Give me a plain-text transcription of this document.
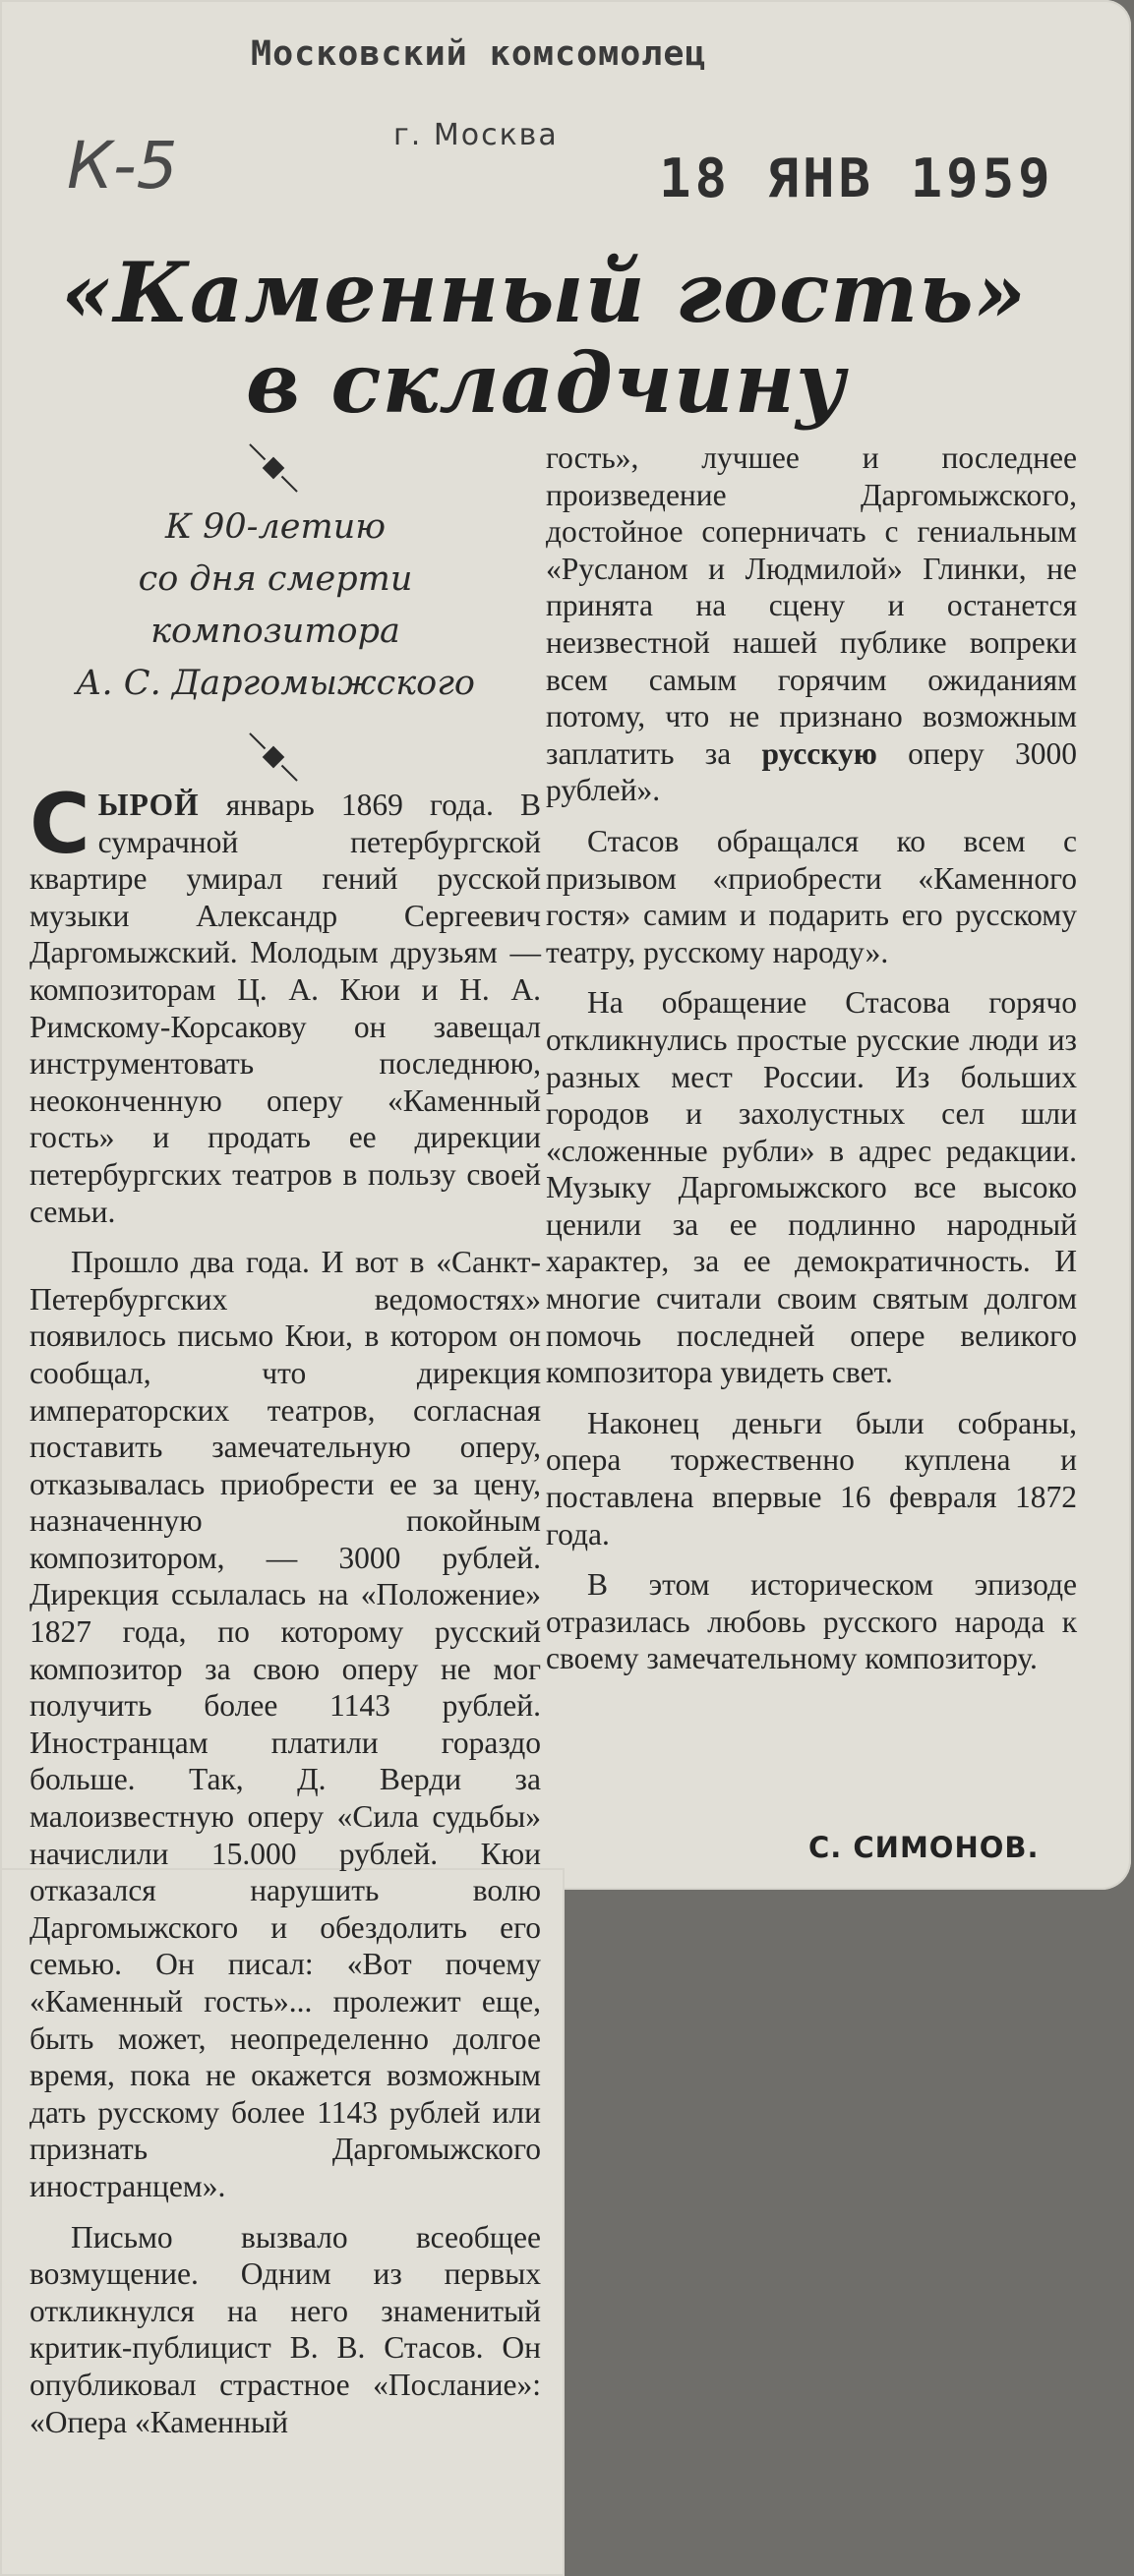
Московский комсомолец
г. Москва
К-5	18 ЯНВ 1959
«Каменный гость»
в складчину
К 90-летию
со дня смерти
композитора
А. С. Даргомыжского

СЫРОЙ январь 1869 года. В сумрачной петербургской квартире умирал гений русской музыки Александр Сергеевич Даргомыжский. Молодым друзьям — композиторам Ц. А. Кюи и Н. А. Римскому-Корсакову он завещал инструментовать последнюю, неоконченную оперу «Каменный гость» и продать ее дирекции петербургских театров в пользу своей семьи.

Прошло два года. И вот в «Санкт-Петербургских ведомостях» появилось письмо Кюи, в котором он сообщал, что дирекция императорских театров, согласная поставить замечательную оперу, отказывалась приобрести ее за цену, назначенную покойным композитором, — 3000 рублей. Дирекция ссылалась на «Положение» 1827 года, по которому русский композитор за свою оперу не мог получить более 1143 рублей. Иностранцам платили гораздо больше. Так, Д. Верди за малоизвестную оперу «Сила судьбы» начислили 15.000 рублей. Кюи отказался нарушить волю Даргомыжского и обездолить его семью. Он писал: «Вот почему «Каменный гость»... пролежит еще, быть может, неопределенно долгое время, пока не окажется возможным дать русскому более 1143 рублей или признать Даргомыжского иностранцем».

Письмо вызвало всеобщее возмущение. Одним из первых откликнулся на него знаменитый критик-публицист В. В. Стасов. Он опубликовал страстное «Послание»: «Опера «Каменный

гость», лучшее и последнее произведение Даргомыжского, достойное соперничать с гениальным «Русланом и Людмилой» Глинки, не принята на сцену и останется неизвестной нашей публике вопреки всем самым горячим ожиданиям потому, что не признано возможным заплатить за русскую оперу 3000 рублей».

Стасов обращался ко всем с призывом «приобрести «Каменного гостя» самим и подарить его русскому театру, русскому народу».

На обращение Стасова горячо откликнулись простые русские люди из разных мест России. Из больших городов и захолустных сел шли «сложенные рубли» в адрес редакции. Музыку Даргомыжского все высоко ценили за ее подлинно народный характер, за ее демократичность. И многие считали своим святым долгом помочь последней опере великого композитора увидеть свет.

Наконец деньги были собраны, опера торжественно куплена и поставлена впервые 16 февраля 1872 года.

В этом историческом эпизоде отразилась любовь русского народа к своему замечательному композитору.

С. СИМОНОВ.
